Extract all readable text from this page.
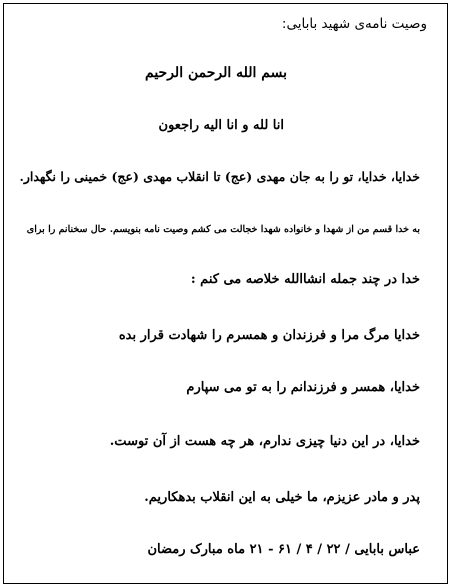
وصیت نامه‌ی شهید بابایی:
بسم الله الرحمن الرحیم
انا لله و انا الیه راجعون
خدایا، خدایا، تو را به جان مهدی (عج) تا انقلاب مهدی (عج) خمینی را نگهدار.
به خدا قسم من از شهدا و خانواده شهدا خجالت می کشم وصیت نامه بنویسم. حال سخنانم را برای
خدا در چند جمله انشاالله خلاصه می کنم :
خدایا مرگ مرا و فرزندان و همسرم را شهادت قرار بده
خدایا، همسر و فرزندانم را به تو می سپارم
خدایا، در این دنیا چیزی ندارم، هر چه هست از آن توست.
پدر و مادر عزیزم، ما خیلی به این انقلاب بدهکاریم.
عباس بابایی / ۲۲ / ۴ / ۶۱ - ۲۱ ماه مبارک رمضان
